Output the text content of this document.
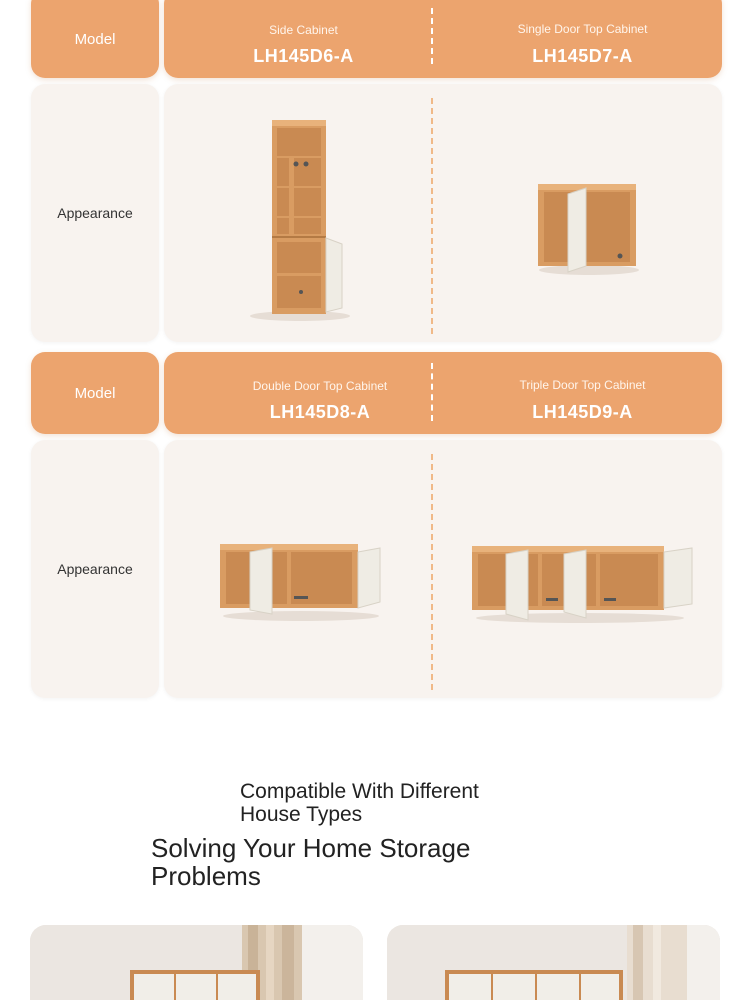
Model
Side Cabinet
LH145D6-A
Single Door Top Cabinet
LH145D7-A
Appearance
Model	Double Door Top Cabinet
LH145D8-A
Triple Door Top Cabinet
LH145D9-A
Appearance
Compatible With Different House Types
Solving Your Home Storage Problems
